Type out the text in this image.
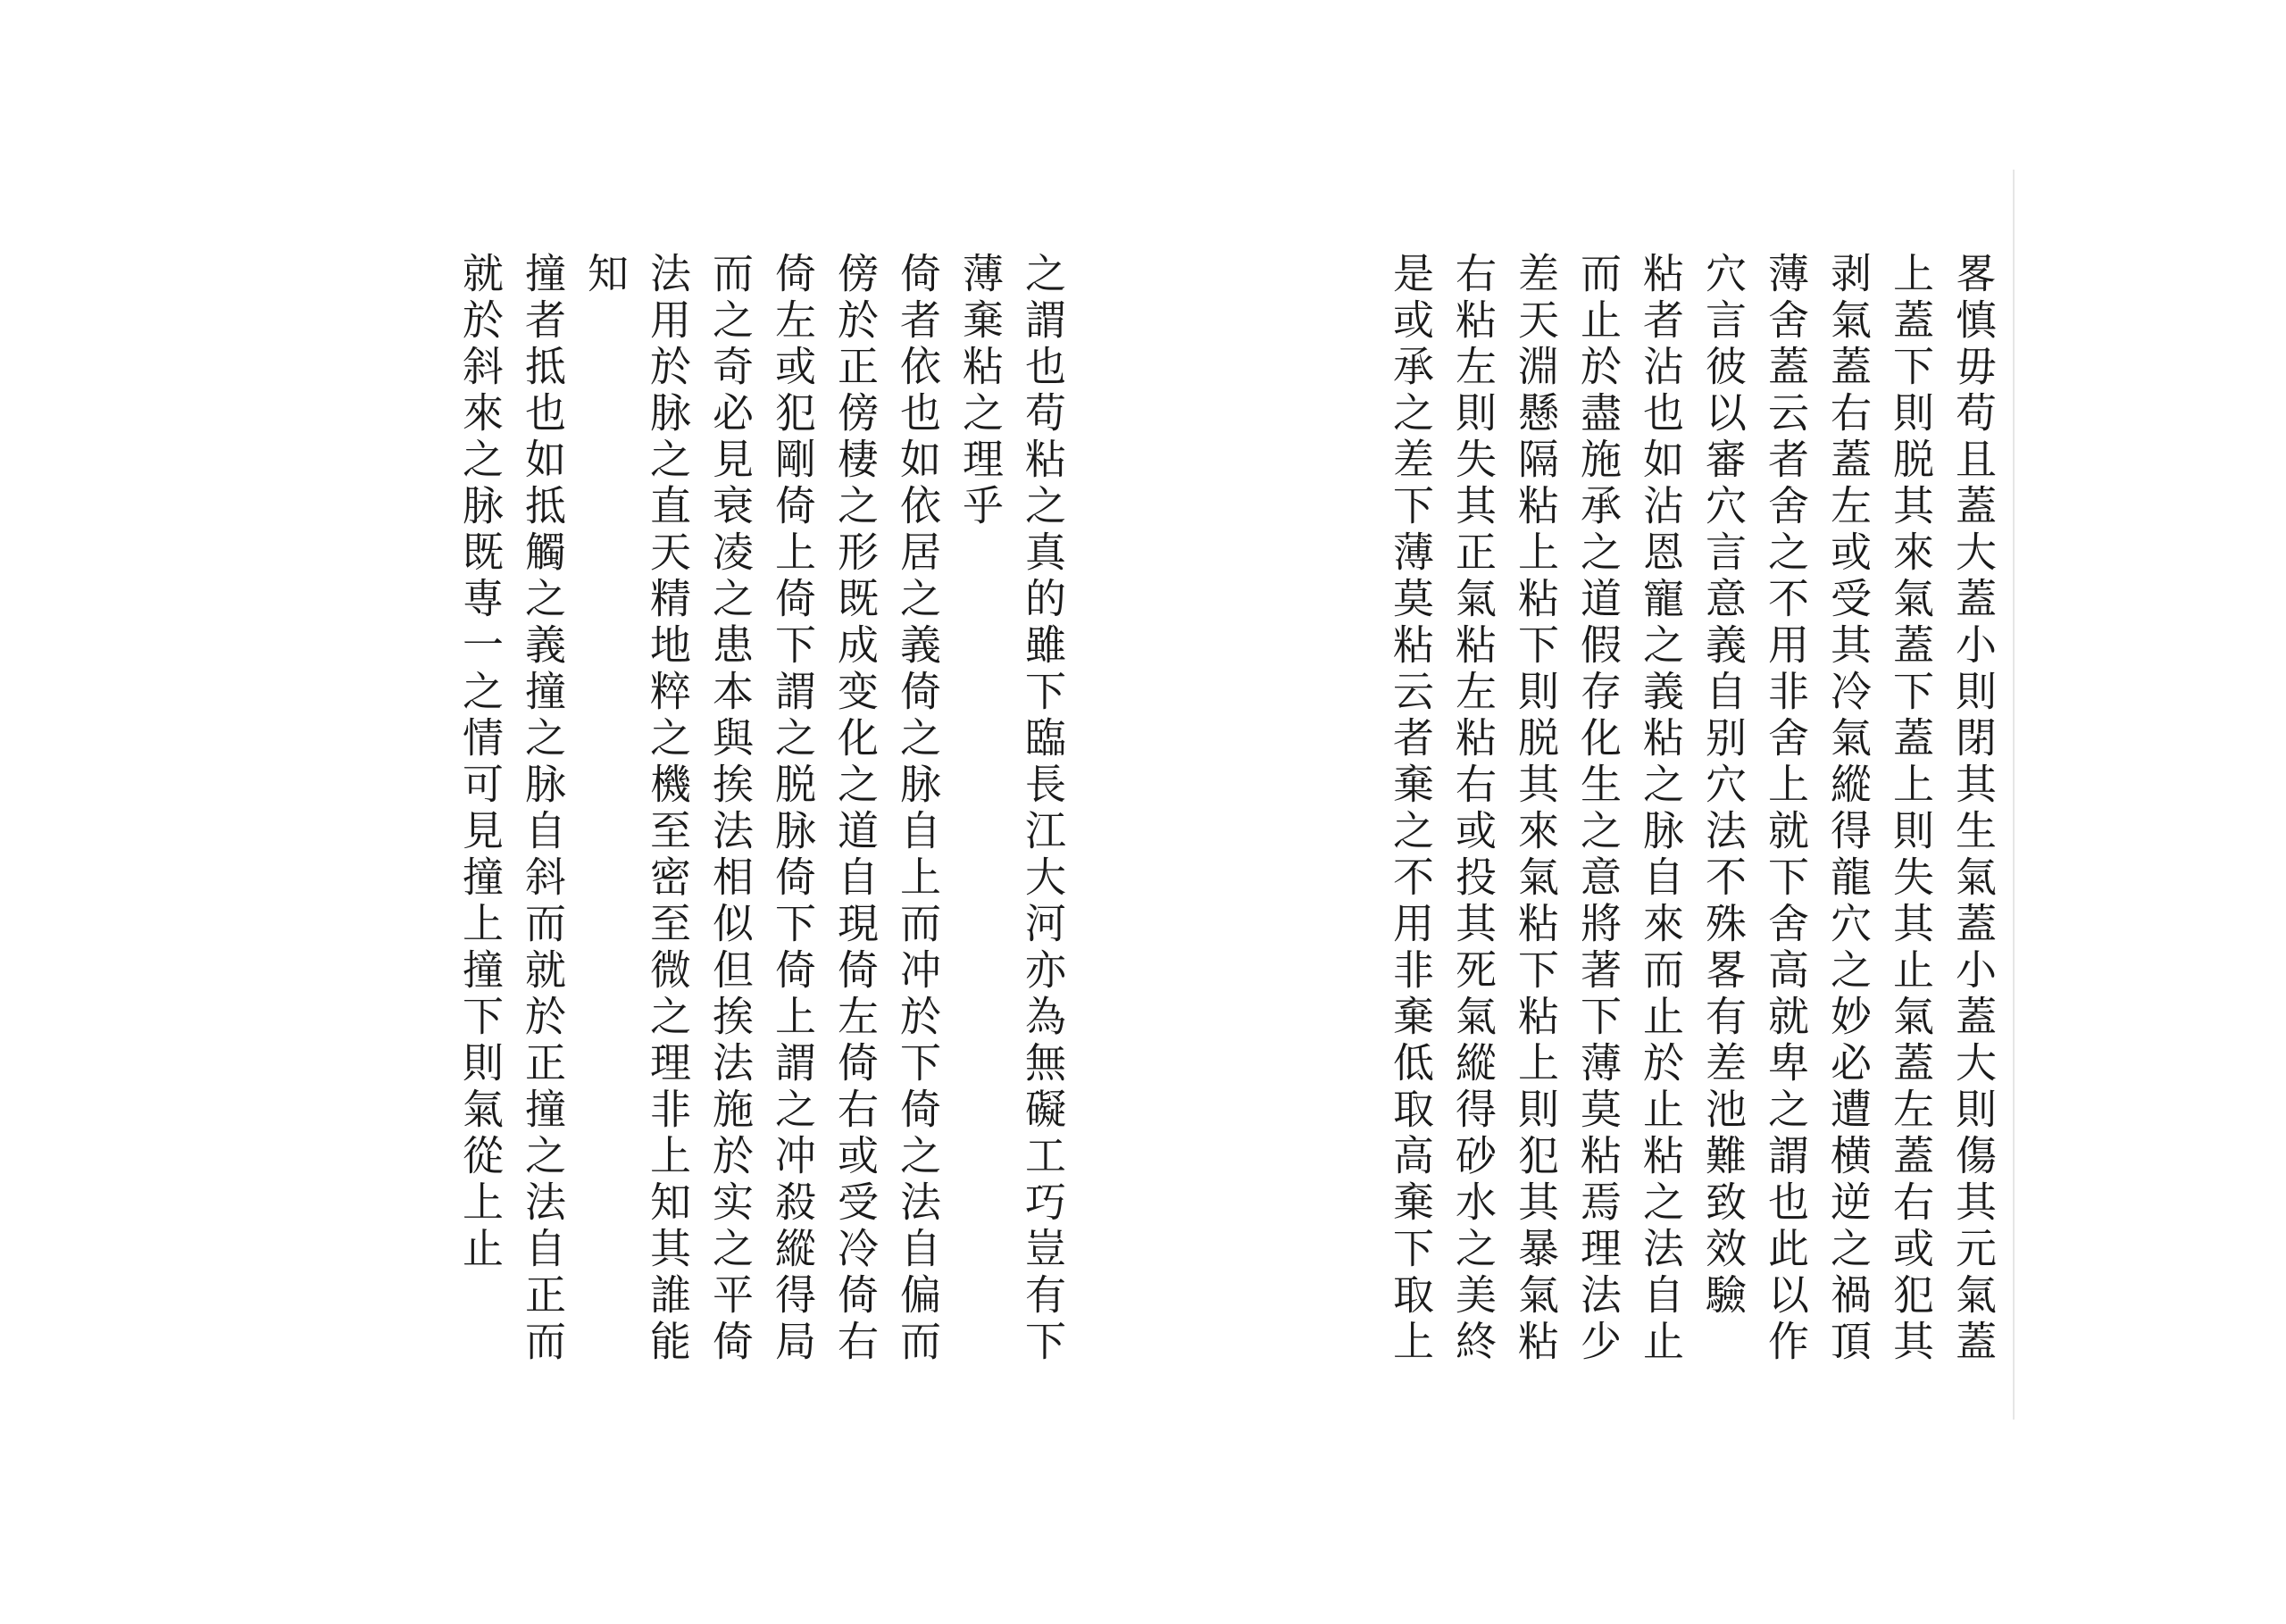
之謂也苟粘之真的雖下臨長江大河亦為無礙工巧豈有下
薄棄粘之理乎
倚者依也如依居之義倚之脉自上而冲於下倚之法自偏而
傍於正傍棲之形既成变化之道自現倚左倚右或受冷倚右
倚左或犯剛倚上倚下謂之脱脉倚下倚上謂之冲殺縱得局
而之奇必見衰凌之患本與挨法相似但挨法施於实之平倚
法用於脉之直天精地粹之機至密至微之理非上知其誰能
知
撞者抵也如抵觸之義撞之脉自斜而就於正撞之法自正而
就於斜來之脉既専一之情可見撞上撞下則氣從上止	畧慎毋苟且蓋大蓋小則閉其生氣蓋小蓋大則傷其元氣蓋
上蓋下則脱其來氣蓋下蓋上則失其止氣蓋左蓋右或犯其
剥氣蓋右蓋左或受其冷氣縱得龍穴之妙必遭横逆之禍頂
薄舍蓋云者舍之不用非舍上就下舍高就卑之謂也此以作
穴言彼以審穴言意義自别穴法不殊畧有差池難致效驗
粘者沾也如沾恩寵之義粘之脉自來而止於止粘之法自止
而止於盡施承之道假存化生之意將著下薄莫粘焉理法少
差天淵懸隔粘上粘下則脱其來氣粘下粘上則犯其暴氣粘
右粘左則失其正氣粘左粘右或投其死氣縱得砂水之美終
是或承之差下薄莫粘云者棄之不用非棄低取高棄下取上
